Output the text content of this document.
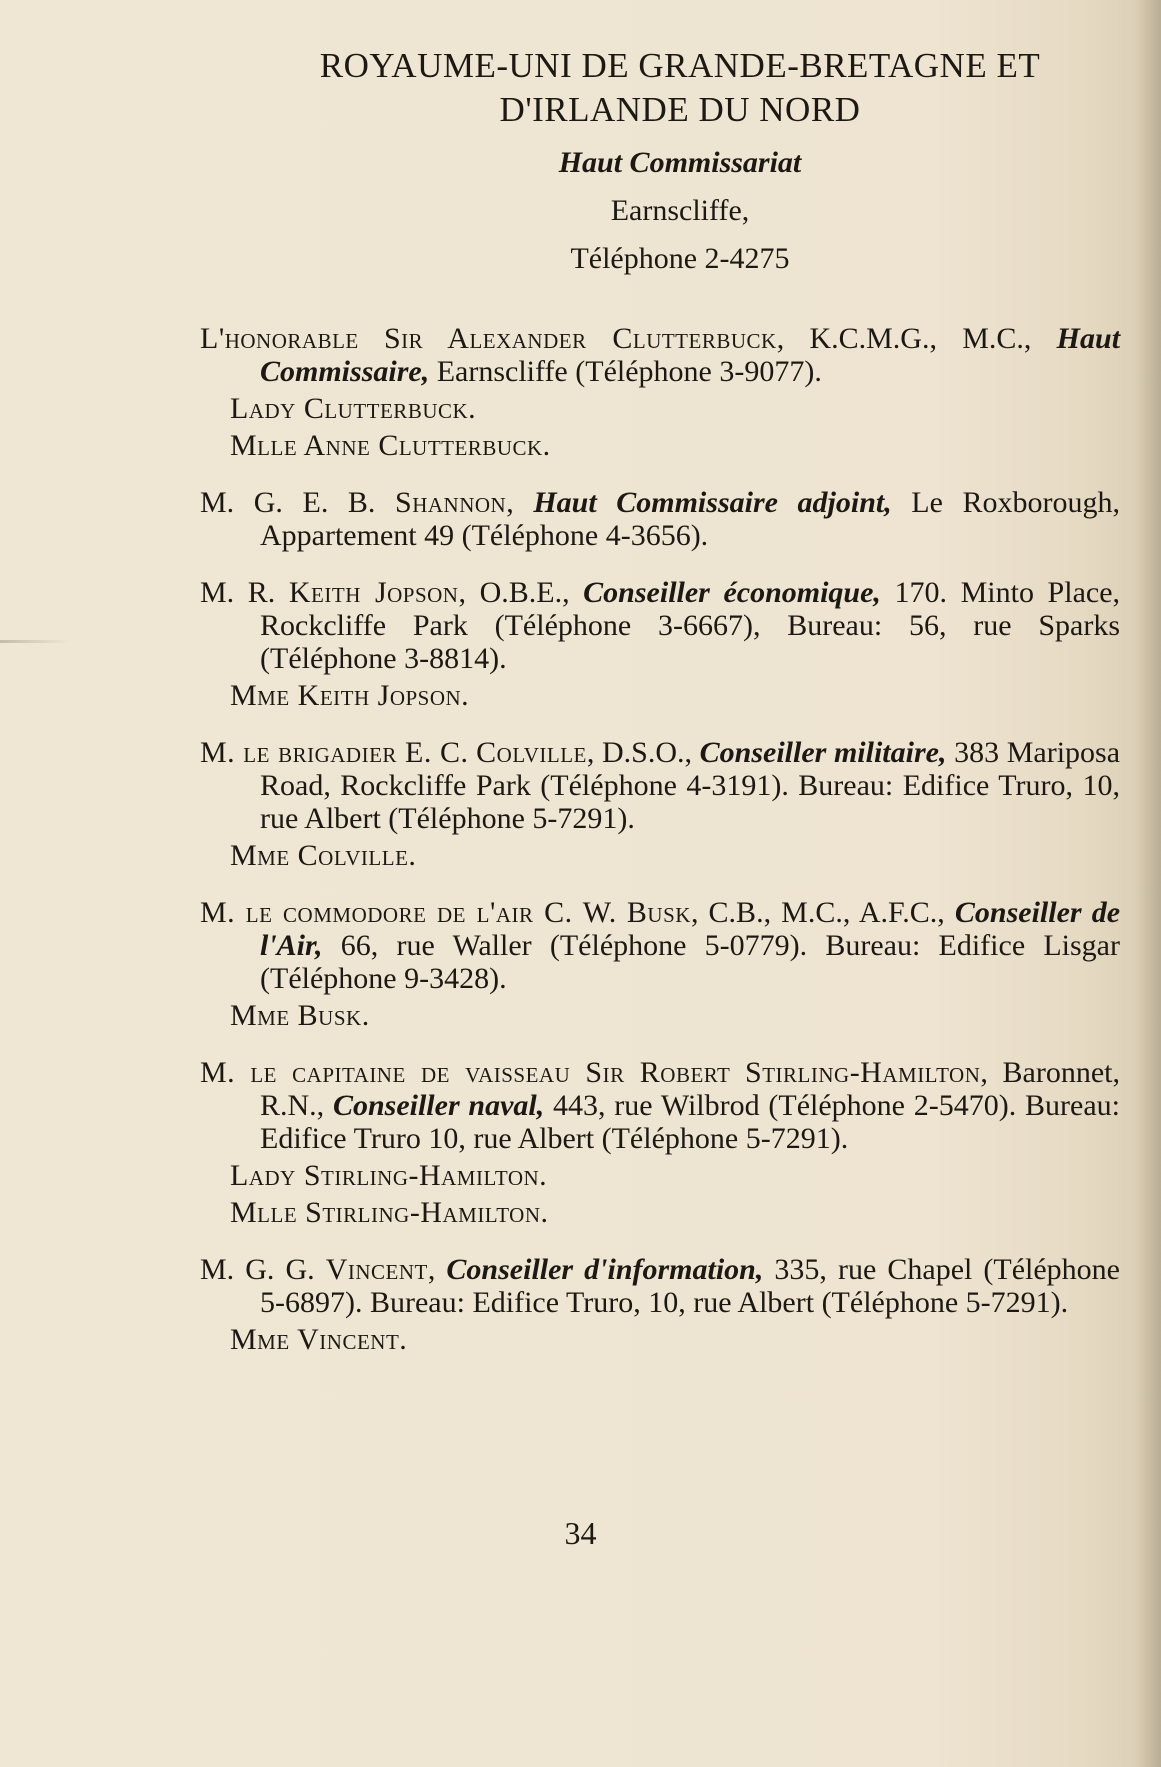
ROYAUME-UNI DE GRANDE-BRETAGNE ET

D'IRLANDE DU NORD

Haut Commissariat
Earnscliffe,
Téléphone 2-4275
L'honorable Sir Alexander Clutterbuck, K.C.M.G., M.C., Haut Commissaire, Earnscliffe (Téléphone 3-9077).
Lady Clutterbuck.
Mlle Anne Clutterbuck.
M. G. E. B. Shannon, Haut Commissaire adjoint, Le Roxborough, Appartement 49 (Téléphone 4-3656).
M. R. Keith Jopson, O.B.E., Conseiller économique, 170. Minto Place, Rockcliffe Park (Téléphone 3-6667), Bureau: 56, rue Sparks (Téléphone 3-8814).
Mme Keith Jopson.
M. le brigadier E. C. Colville, D.S.O., Conseiller militaire, 383 Mariposa Road, Rockcliffe Park (Téléphone 4-3191). Bureau: Edifice Truro, 10, rue Albert (Téléphone 5-7291).
Mme Colville.
M. le commodore de l'air C. W. Busk, C.B., M.C., A.F.C., Conseiller de l'Air, 66, rue Waller (Téléphone 5-0779). Bureau: Edifice Lisgar (Téléphone 9-3428).
Mme Busk.
M. le capitaine de vaisseau Sir Robert Stirling-Hamilton, Baronnet, R.N., Conseiller naval, 443, rue Wilbrod (Téléphone 2-5470). Bureau: Edifice Truro 10, rue Albert (Téléphone 5-7291).
Lady Stirling-Hamilton.
Mlle Stirling-Hamilton.
M. G. G. Vincent, Conseiller d'information, 335, rue Chapel (Téléphone 5-6897). Bureau: Edifice Truro, 10, rue Albert (Téléphone 5-7291).
Mme Vincent.
34
